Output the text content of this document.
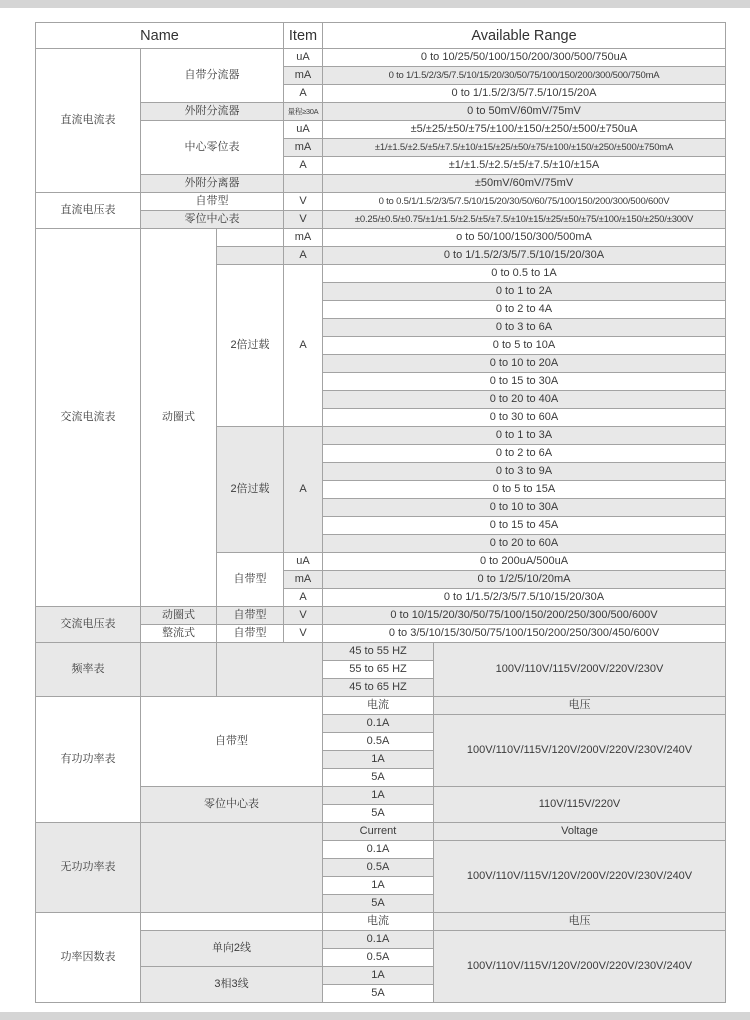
Name			Item	Available Range	
直流电流表	自带分流器		uA	0 to 10/25/50/100/150/200/300/500/750uA	
			mA	0 to 1/1.5/2/3/5/7.5/10/15/20/30/50/75/100/150/200/300/500/750mA	
			A	0 to 1/1.5/2/3/5/7.5/10/15/20A	
	外附分流器		量程≥30A	0 to 50mV/60mV/75mV	
	中心零位表		uA	±5/±25/±50/±75/±100/±150/±250/±500/±750uA	
			mA	±1/±1.5/±2.5/±5/±7.5/±10/±15/±25/±50/±75/±100/±150/±250/±500/±750mA	
			A	±1/±1.5/±2.5/±5/±7.5/±10/±15A	
	外附分离器			±50mV/60mV/75mV	
直流电压表	自带型		V	0 to 0.5/1/1.5/2/3/5/7.5/10/15/20/30/50/60/75/100/150/200/300/500/600V	
	零位中心表		V	±0.25/±0.5/±0.75/±1/±1.5/±2.5/±5/±7.5/±10/±15/±25/±50/±75/±100/±150/±250/±300V	
交流电流表	动圈式		mA	o to 50/100/150/300/500mA	
			A	0 to 1/1.5/2/3/5/7.5/10/15/20/30A	
		2倍过载	A	0 to 0.5 to 1A	
				0 to 1 to 2A	
				0 to 2 to 4A	
				0 to 3 to 6A	
				0 to 5 to 10A	
				0 to 10 to 20A	
				0 to 15 to 30A	
				0 to 20 to 40A	
				0 to 30 to 60A	
		2倍过载	A	0 to 1 to 3A	
				0 to 2 to 6A	
				0 to 3 to 9A	
				0 to 5 to 15A	
				0 to 10 to 30A	
				0 to 15 to 45A	
				0 to 20 to 60A	
		自带型	uA	0 to 200uA/500uA	
			mA	0 to 1/2/5/10/20mA	
			A	0 to 1/1.5/2/3/5/7.5/10/15/20/30A	
交流电压表	动圈式	自带型	V	0 to 10/15/20/30/50/75/100/150/200/250/300/500/600V	
	整流式	自带型	V	0 to 3/5/10/15/30/50/75/100/150/200/250/300/450/600V	
频率表				45 to 55 HZ	100V/110V/115V/200V/220V/230V
				55 to 65 HZ	
				45 to 65 HZ	
有功功率表	自带型			电流	电压
				0.1A	100V/110V/115V/120V/200V/220V/230V/240V
				0.5A	
				1A	
				5A	
	零位中心表			1A	110V/115V/220V
				5A	
无功功率表				Current	Voltage
				0.1A	100V/110V/115V/120V/200V/220V/230V/240V
				0.5A	
				1A	
				5A	
功率因数表				电流	电压
	单向2线			0.1A	100V/110V/115V/120V/200V/220V/230V/240V
				0.5A	
	3相3线			1A	
				5A	
